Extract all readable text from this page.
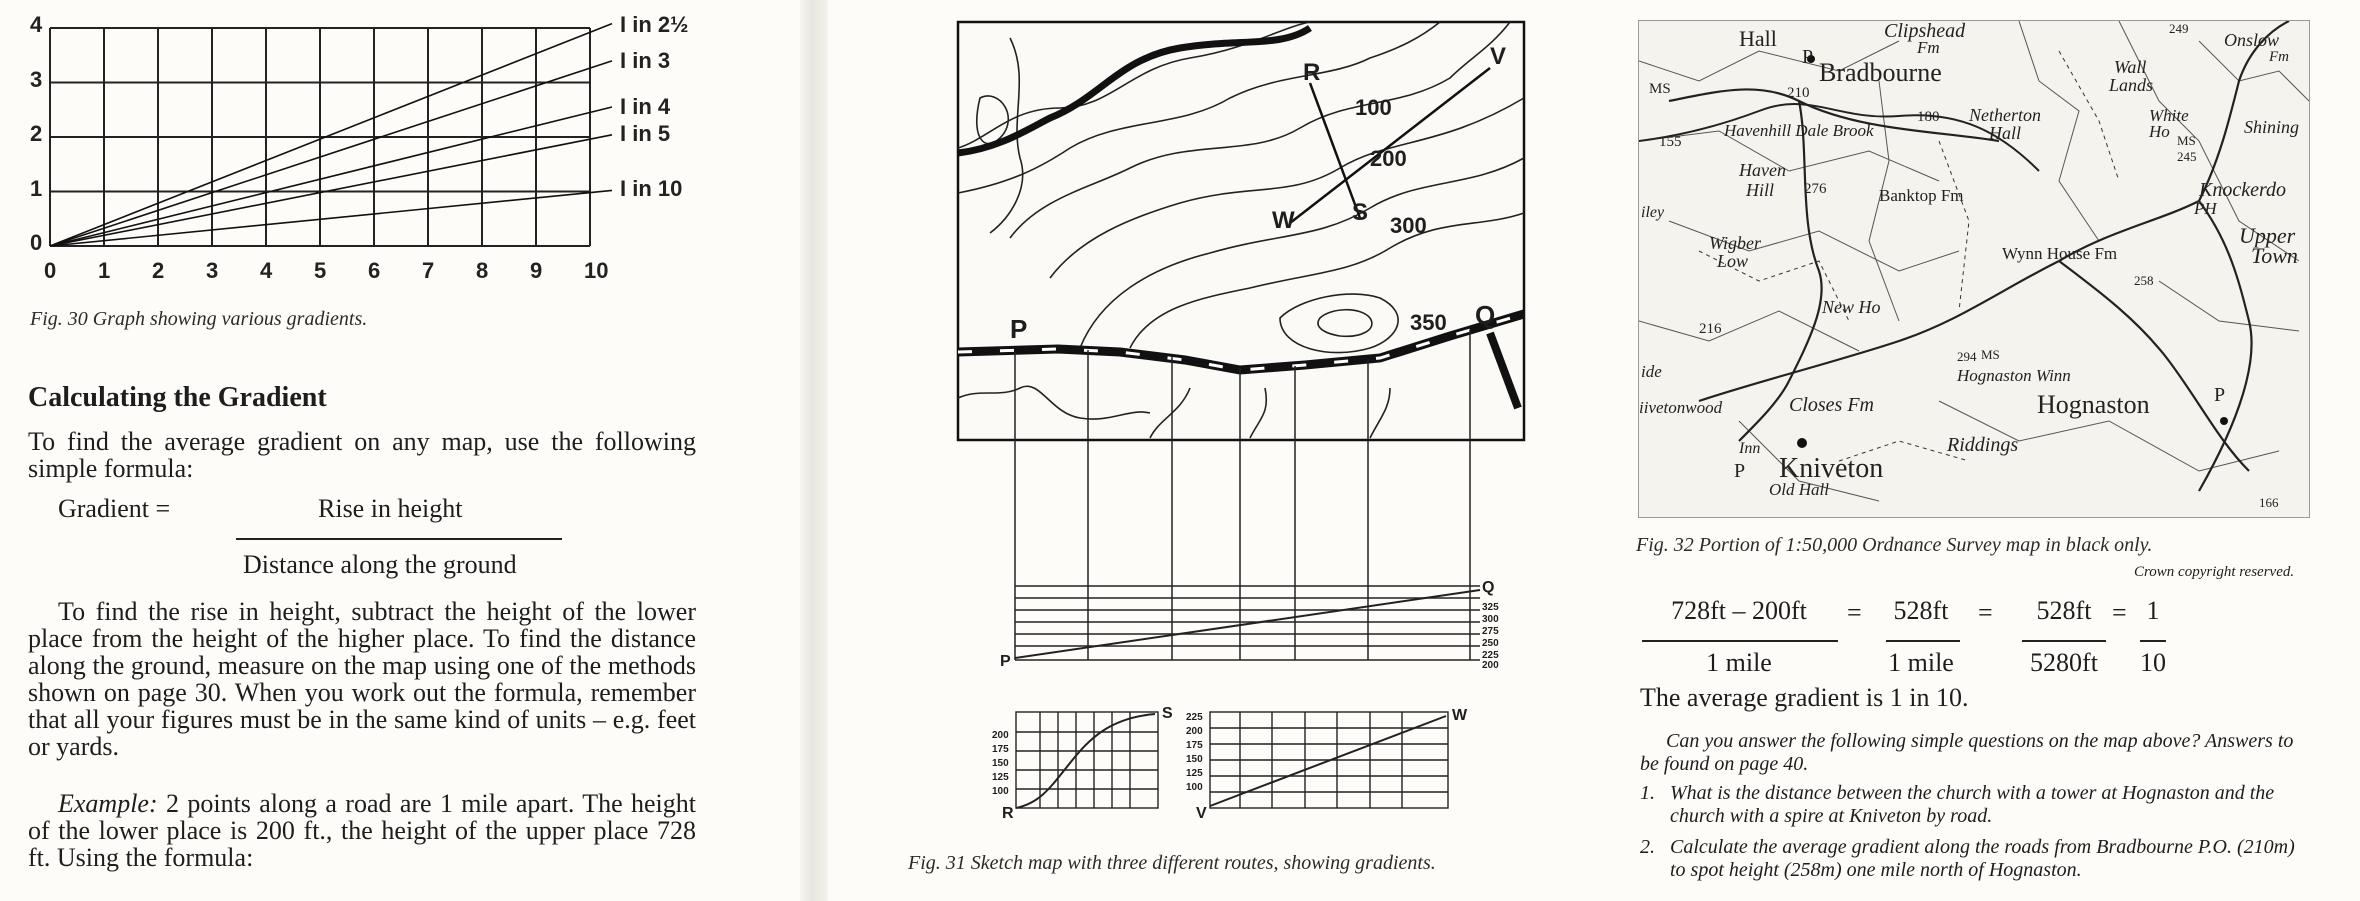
4
3
2
1
0
0 1 2 3 4 5 6 7 8 9 10
I in 2½
I in 3
I in 4
I in 5
I in 10
Fig. 30 Graph showing various gradients.
Calculating the Gradient
To find the average gradient on any map, use the following simple formula:
Gradient =	Rise in height
Distance along the ground
To find the rise in height, subtract the height of the lower place from the height of the higher place. To find the distance along the ground, measure on the map using one of the methods shown on page 30. When you work out the formula, remember that all your figures must be in the same kind of units – e.g. feet or yards.
Example: 2 points along a road are 1 mile apart. The height of the lower place is 200 ft., the height of the upper place 728 ft. Using the formula:
R
V
W S
P	Q
100
200
300
350
P
Q
325
300
275
250
225
200
R
S
200
175
150
125
100
V
W
225
200
175
150
125
100
Fig. 31 Sketch map with three different routes, showing gradients.
Hall	Clipshead
Fm
Bradbourne
P
210
MS
155
180 Netherton
Hall
Havenhill Dale Brook
Haven
Hill 276	Banktop Fm
Wall
Lands
White
Ho MS
245
249
Onslow
Fm
Shining
Knockerdo
PH
Upper
Town
Wigber
Low	Wynn House Fm
258
216
New Ho
294 MS
Hognaston Winn
Hognaston	P
Closes Fm
Kniveton
P
Inn
Old Hall
Riddings
166
ide
iivetonwood
iley
Fig. 32 Portion of 1:50,000 Ordnance Survey map in black only.
Crown copyright reserved.
728ft – 200ft
1 mile
=	528ft
1 mile
=	528ft
5280ft
= 1
10
The average gradient is 1 in 10.
Can you answer the following simple questions on the map above? Answers to be found on page 40.
1. What is the distance between the church with a tower at Hognaston and the church with a spire at Kniveton by road.
2. Calculate the average gradient along the roads from Bradbourne P.O. (210m) to spot height (258m) one mile north of Hognaston.
